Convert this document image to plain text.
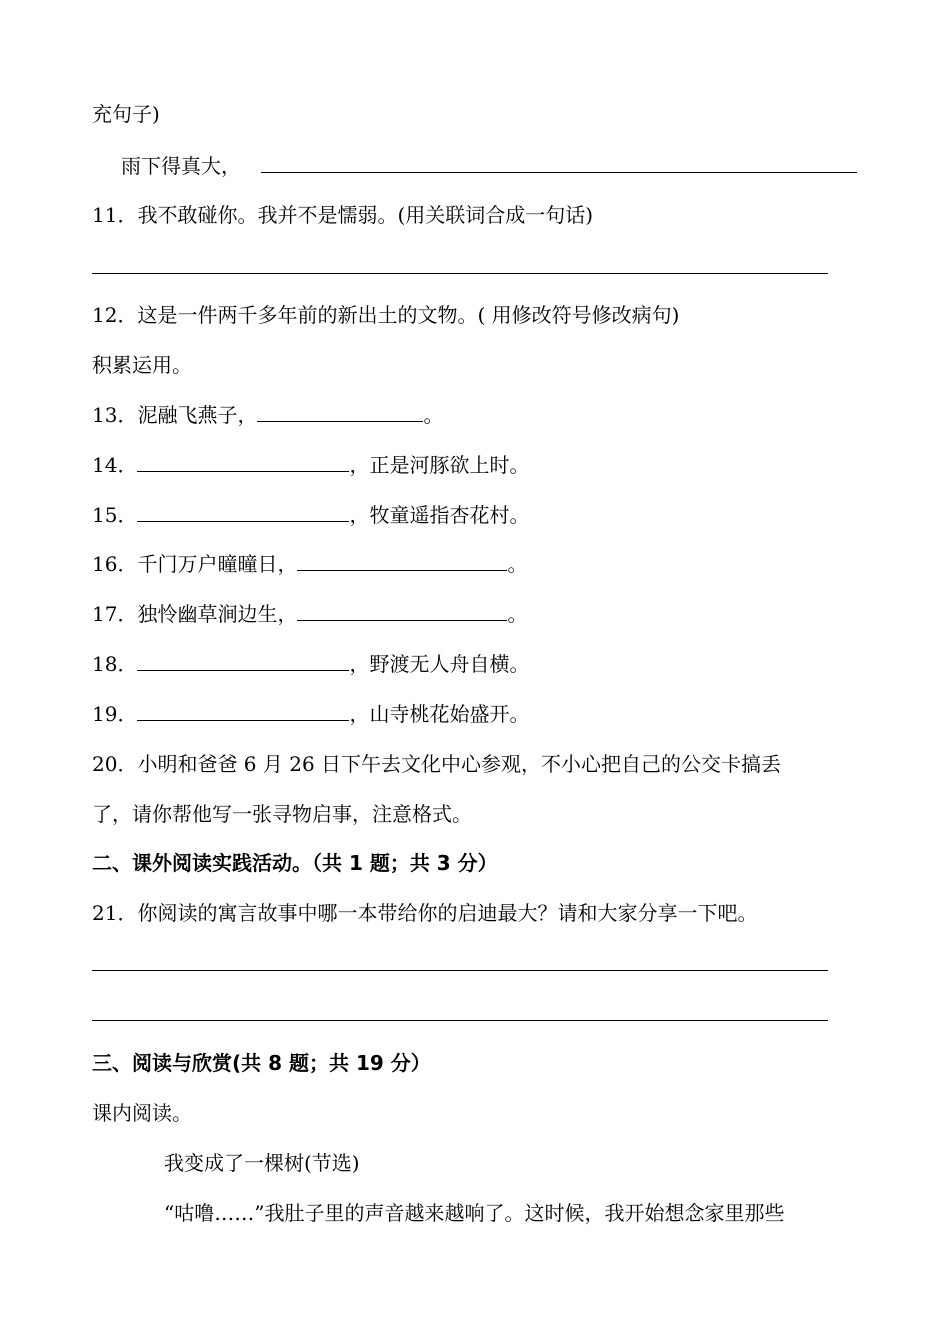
充句子)
雨下得真大，
11．我不敢碰你。我并不是懦弱。(用关联词合成一句话)
12．这是一件两千多年前的新出土的文物。( 用修改符号修改病句)
积累运用。
13．泥融飞燕子，	。
14．	，正是河豚欲上时。
15．	，牧童遥指杏花村。
16．千门万户曈曈日，	。
17．独怜幽草涧边生，	。
18．	，野渡无人舟自横。
19．	，山寺桃花始盛开。
20．小明和爸爸 6 月 26 日下午去文化中心参观，不小心把自己的公交卡搞丢
了，请你帮他写一张寻物启事，注意格式。
二、课外阅读实践活动。（共 1 题；共 3 分）
21．你阅读的寓言故事中哪一本带给你的启迪最大？请和大家分享一下吧。
三、阅读与欣赏(共 8 题；共 19 分）
课内阅读。
我变成了一棵树(节选)
“咕噜……”我肚子里的声音越来越响了。这时候，我开始想念家里那些
